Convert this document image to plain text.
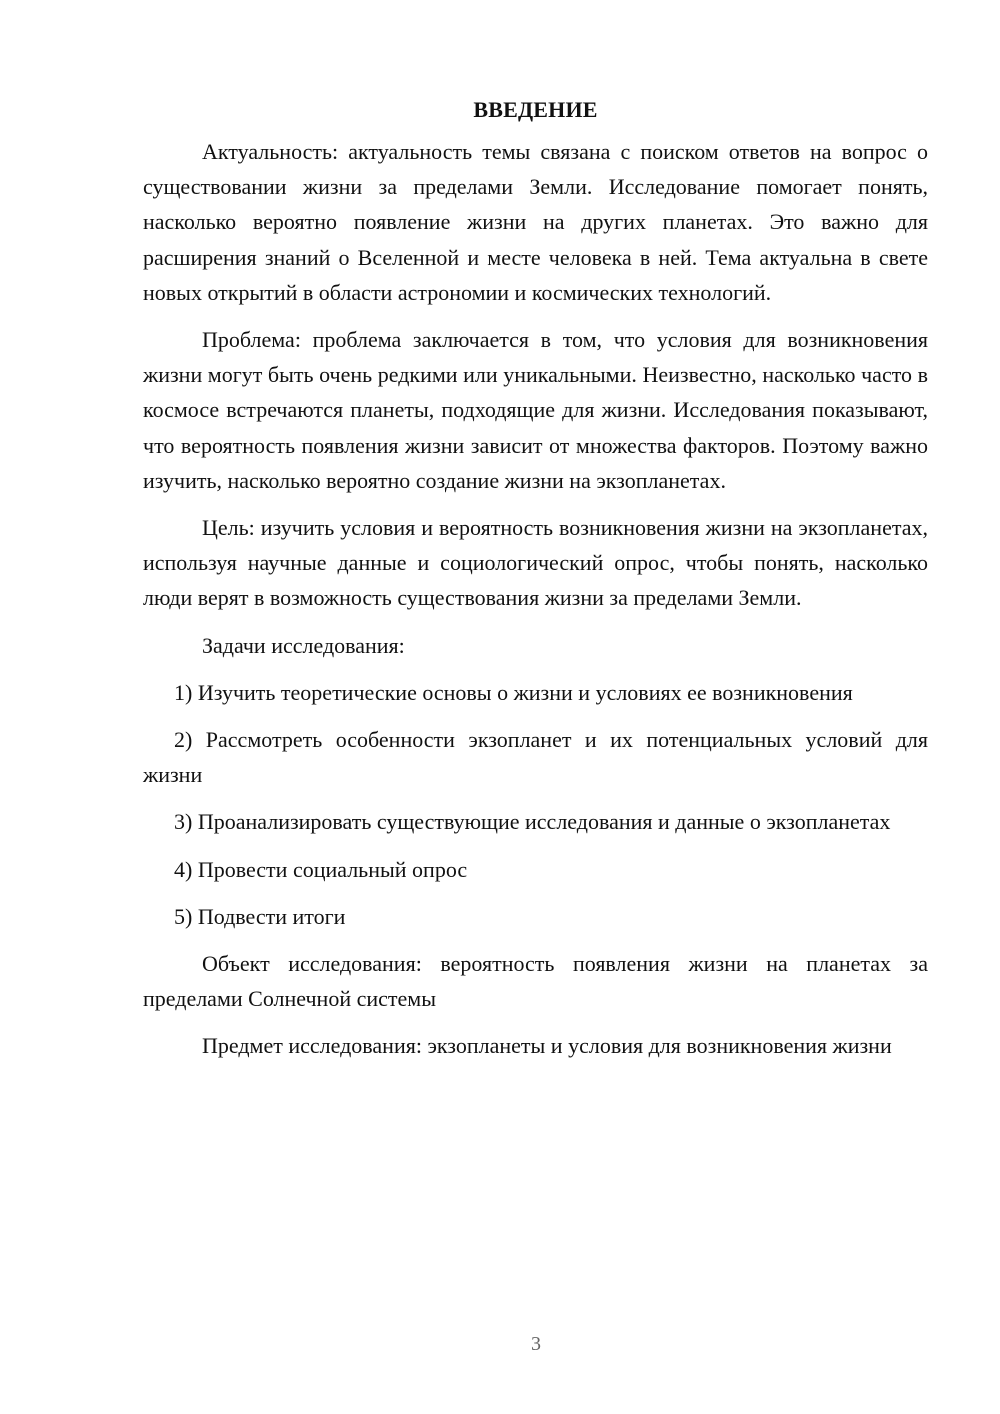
ВВЕДЕНИЕ

Актуальность: актуальность темы связана с поиском ответов на вопрос о существовании жизни за пределами Земли. Исследование помогает понять, насколько вероятно появление жизни на других планетах. Это важно для расширения знаний о Вселенной и месте человека в ней. Тема актуальна в свете новых открытий в области астрономии и космических технологий.

Проблема: проблема заключается в том, что условия для возникновения жизни могут быть очень редкими или уникальными. Неизвестно, насколько часто в космосе встречаются планеты, подходящие для жизни. Исследования показывают, что вероятность появления жизни зависит от множества факторов. Поэтому важно изучить, насколько вероятно создание жизни на экзопланетах.

Цель: изучить условия и вероятность возникновения жизни на экзопланетах, используя научные данные и социологический опрос, чтобы понять, насколько люди верят в возможность существования жизни за пределами Земли.

Задачи исследования:

1) Изучить теоретические основы о жизни и условиях ее возникновения

2) Рассмотреть особенности экзопланет и их потенциальных условий для жизни

3) Проанализировать существующие исследования и данные о экзопланетах

4) Провести социальный опрос

5) Подвести итоги

Объект исследования: вероятность появления жизни на планетах за пределами Солнечной системы

Предмет исследования: экзопланеты и условия для возникновения жизни

3
